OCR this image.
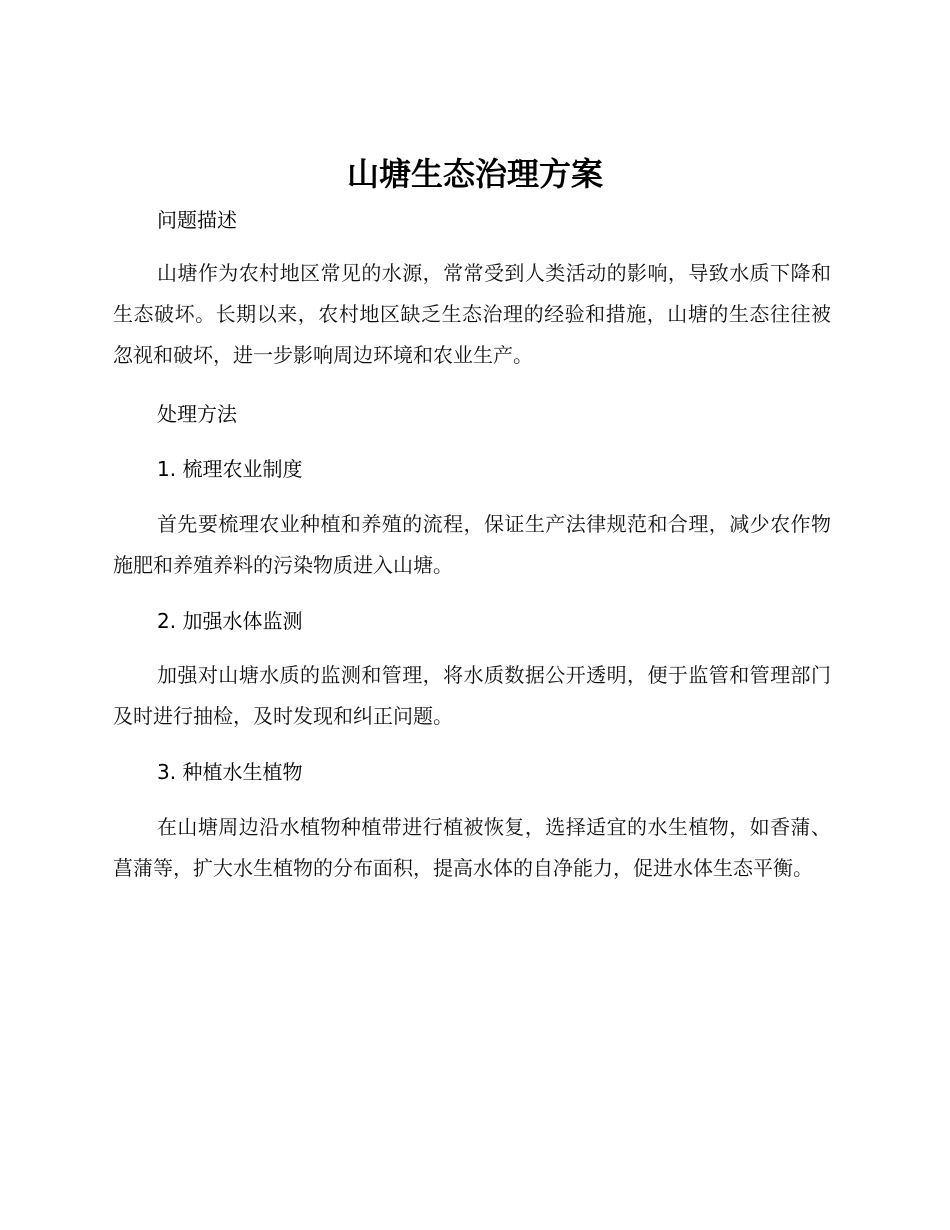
山塘生态治理方案
问题描述

山塘作为农村地区常见的水源，常常受到人类活动的影响，导致水质下降和生态破坏。长期以来，农村地区缺乏生态治理的经验和措施，山塘的生态往往被忽视和破坏，进一步影响周边环境和农业生产。

处理方法
1. 梳理农业制度

首先要梳理农业种植和养殖的流程，保证生产法律规范和合理，减少农作物施肥和养殖养料的污染物质进入山塘。

2. 加强水体监测

加强对山塘水质的监测和管理，将水质数据公开透明，便于监管和管理部门及时进行抽检，及时发现和纠正问题。

3. 种植水生植物

在山塘周边沿水植物种植带进行植被恢复，选择适宜的水生植物，如香蒲、菖蒲等，扩大水生植物的分布面积，提高水体的自净能力，促进水体生态平衡。
